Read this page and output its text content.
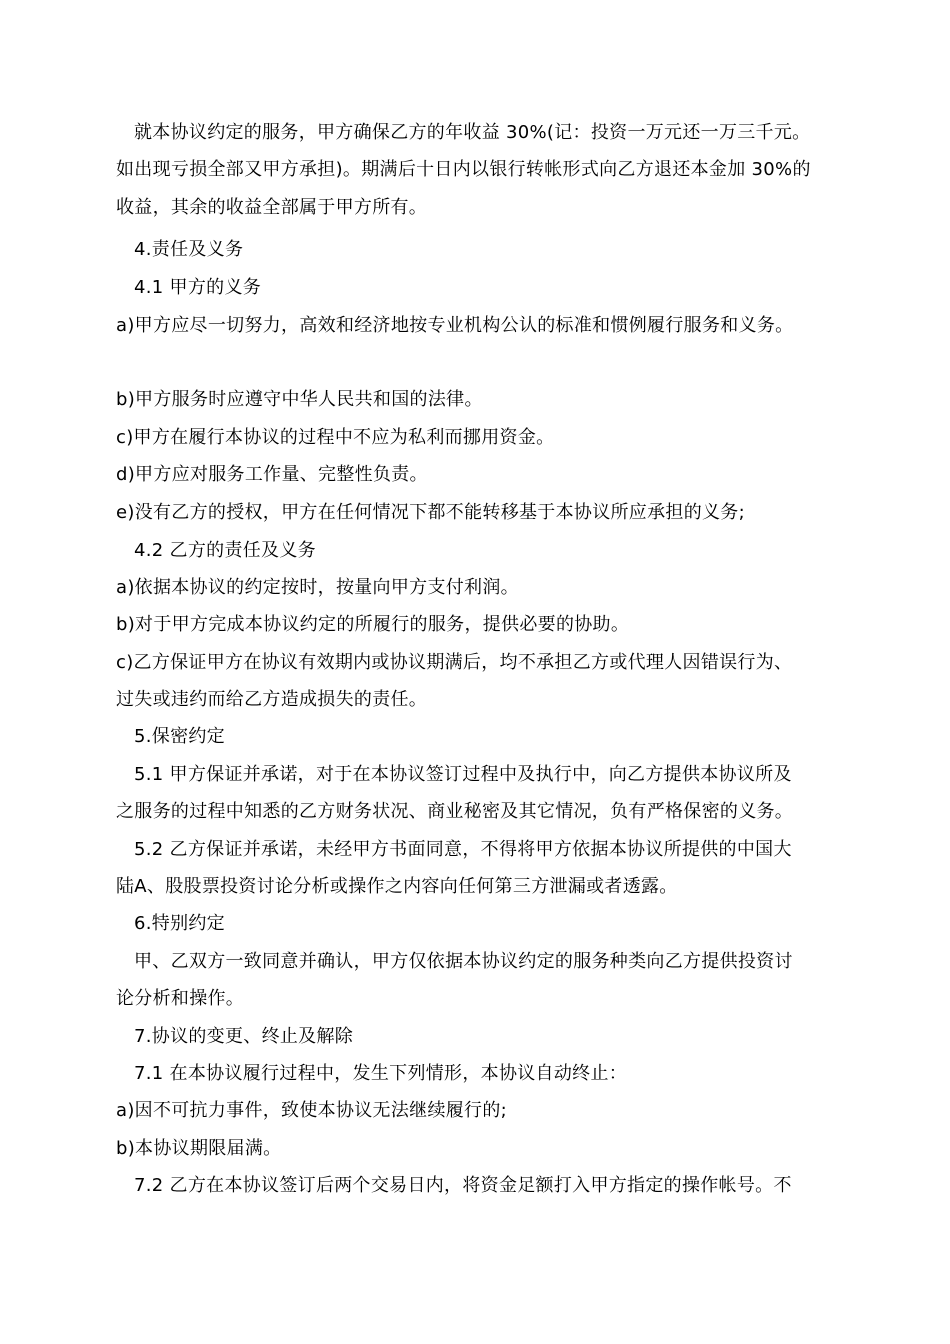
就本协议约定的服务，甲方确保乙方的年收益 30%(记：投资一万元还一万三千元。
如出现亏损全部又甲方承担)。期满后十日内以银行转帐形式向乙方退还本金加 30%的
收益，其余的收益全部属于甲方所有。
4.责任及义务
4.1 甲方的义务
a)甲方应尽一切努力，高效和经济地按专业机构公认的标准和惯例履行服务和义务。
b)甲方服务时应遵守中华人民共和国的法律。
c)甲方在履行本协议的过程中不应为私利而挪用资金。
d)甲方应对服务工作量、完整性负责。
e)没有乙方的授权，甲方在任何情况下都不能转移基于本协议所应承担的义务;
4.2 乙方的责任及义务
a)依据本协议的约定按时，按量向甲方支付利润。
b)对于甲方完成本协议约定的所履行的服务，提供必要的协助。
c)乙方保证甲方在协议有效期内或协议期满后，均不承担乙方或代理人因错误行为、
过失或违约而给乙方造成损失的责任。
5.保密约定
5.1 甲方保证并承诺，对于在本协议签订过程中及执行中，向乙方提供本协议所及
之服务的过程中知悉的乙方财务状况、商业秘密及其它情况，负有严格保密的义务。
5.2 乙方保证并承诺，未经甲方书面同意，不得将甲方依据本协议所提供的中国大
陆A、股股票投资讨论分析或操作之内容向任何第三方泄漏或者透露。
6.特别约定
甲、乙双方一致同意并确认，甲方仅依据本协议约定的服务种类向乙方提供投资讨
论分析和操作。
7.协议的变更、终止及解除
7.1 在本协议履行过程中，发生下列情形，本协议自动终止：
a)因不可抗力事件，致使本协议无法继续履行的;
b)本协议期限届满。
7.2 乙方在本协议签订后两个交易日内，将资金足额打入甲方指定的操作帐号。不
